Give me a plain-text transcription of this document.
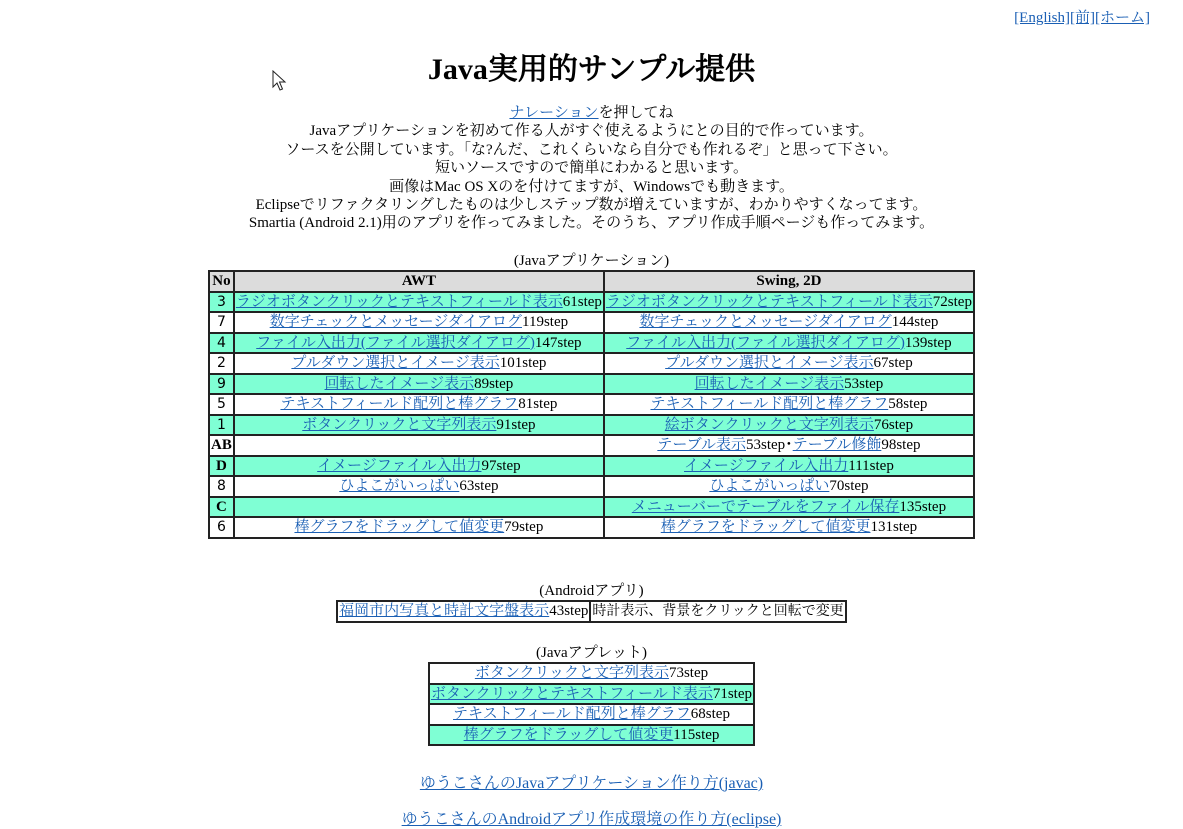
[English][前][ホーム]
Java実用的サンプル提供
ナレーションを押してね
Javaアプリケーションを初めて作る人がすぐ使えるようにとの目的で作っています。
ソースを公開しています。「な?んだ、これくらいなら自分でも作れるぞ」と思って下さい。
短いソースですので簡単にわかると思います。
画像はMac OS Xのを付けてますが、Windowsでも動きます。
Eclipseでリファクタリングしたものは少しステップ数が増えていますが、わかりやすくなってます。
Smartia (Android 2.1)用のアプリを作ってみました。そのうち、アプリ作成手順ページも作ってみます。
(Javaアプリケーション)
No	AWT	Swing, 2D
3	ラジオボタンクリックとテキストフィールド表示61step	ラジオボタンクリックとテキストフィールド表示72step
7	数字チェックとメッセージダイアログ119step	数字チェックとメッセージダイアログ144step
4	ファイル入出力(ファイル選択ダイアログ)147step	ファイル入出力(ファイル選択ダイアログ)139step
2	プルダウン選択とイメージ表示101step	プルダウン選択とイメージ表示67step
9	回転したイメージ表示89step	回転したイメージ表示53step
5	テキストフィールド配列と棒グラフ81step	テキストフィールド配列と棒グラフ58step
1	ボタンクリックと文字列表示91step	絵ボタンクリックと文字列表示76step
AB		テーブル表示53step･テーブル修飾98step
D	イメージファイル入出力97step	イメージファイル入出力111step
8	ひよこがいっぱい63step	ひよこがいっぱい70step
C		メニューバーでテーブルをファイル保存135step
6	棒グラフをドラッグして値変更79step	棒グラフをドラッグして値変更131step
(Androidアプリ)
福岡市内写真と時計文字盤表示43step	時計表示、背景をクリックと回転で変更
(Javaアプレット)
ボタンクリックと文字列表示73step
ボタンクリックとテキストフィールド表示71step
テキストフィールド配列と棒グラフ68step
棒グラフをドラッグして値変更115step
ゆうこさんのJavaアプリケーション作り方(javac)
ゆうこさんのAndroidアプリ作成環境の作り方(eclipse)
